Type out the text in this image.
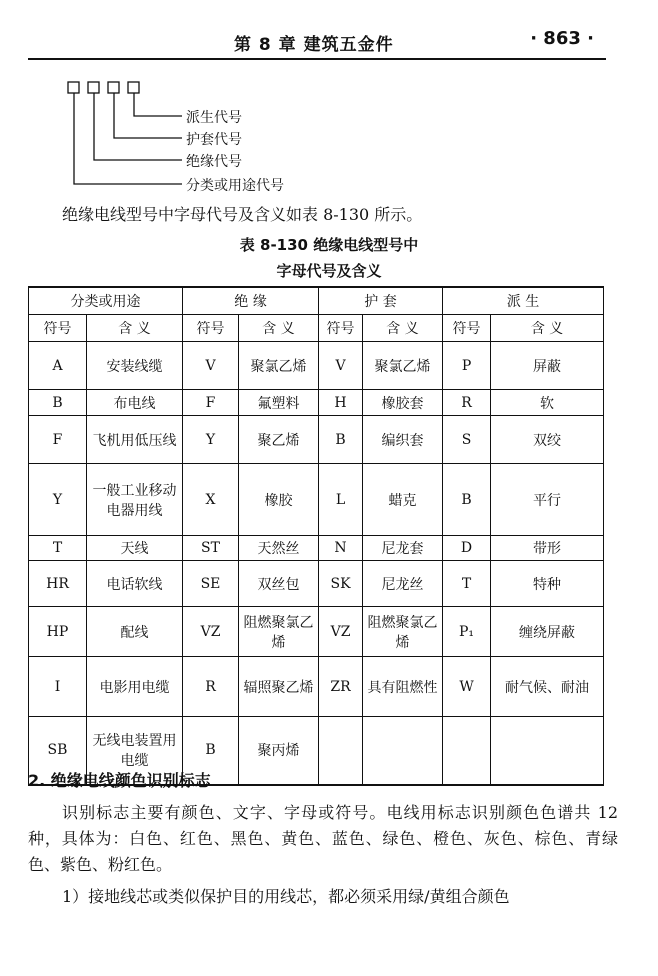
第 8 章 建筑五金件	· 863 ·
派生代号
护套代号
绝缘代号
分类或用途代号
绝缘电线型号中字母代号及含义如表 8-130 所示。
表 8-130 绝缘电线型号中
字母代号及含义
分类或用途		绝 缘		护 套		派 生	
符号	含 义	符号	含 义	符号	含 义	符号	含 义
A	安装线缆	V	聚氯乙烯	V	聚氯乙烯	P	屏蔽
B	布电线	F	氟塑料	H	橡胶套	R	软
F	飞机用低压线	Y	聚乙烯	B	编织套	S	双绞
Y	一般工业移动电器用线	X	橡胶	L	蜡克	B	平行
T	天线	ST	天然丝	N	尼龙套	D	带形
HR	电话软线	SE	双丝包	SK	尼龙丝	T	特种
HP	配线	VZ	阻燃聚氯乙烯	VZ	阻燃聚氯乙烯	P₁	缠绕屏蔽
I	电影用电缆	R	辐照聚乙烯	ZR	具有阻燃性	W	耐气候、耐油
SB	无线电装置用电缆	B	聚丙烯				
2. 绝缘电线颜色识别标志
识别标志主要有颜色、文字、字母或符号。电线用标志识别颜色色谱共 12 种，具体为：白色、红色、黑色、黄色、蓝色、绿色、橙色、灰色、棕色、青绿色、紫色、粉红色。
1）接地线芯或类似保护目的用线芯，都必须采用绿/黄组合颜色
